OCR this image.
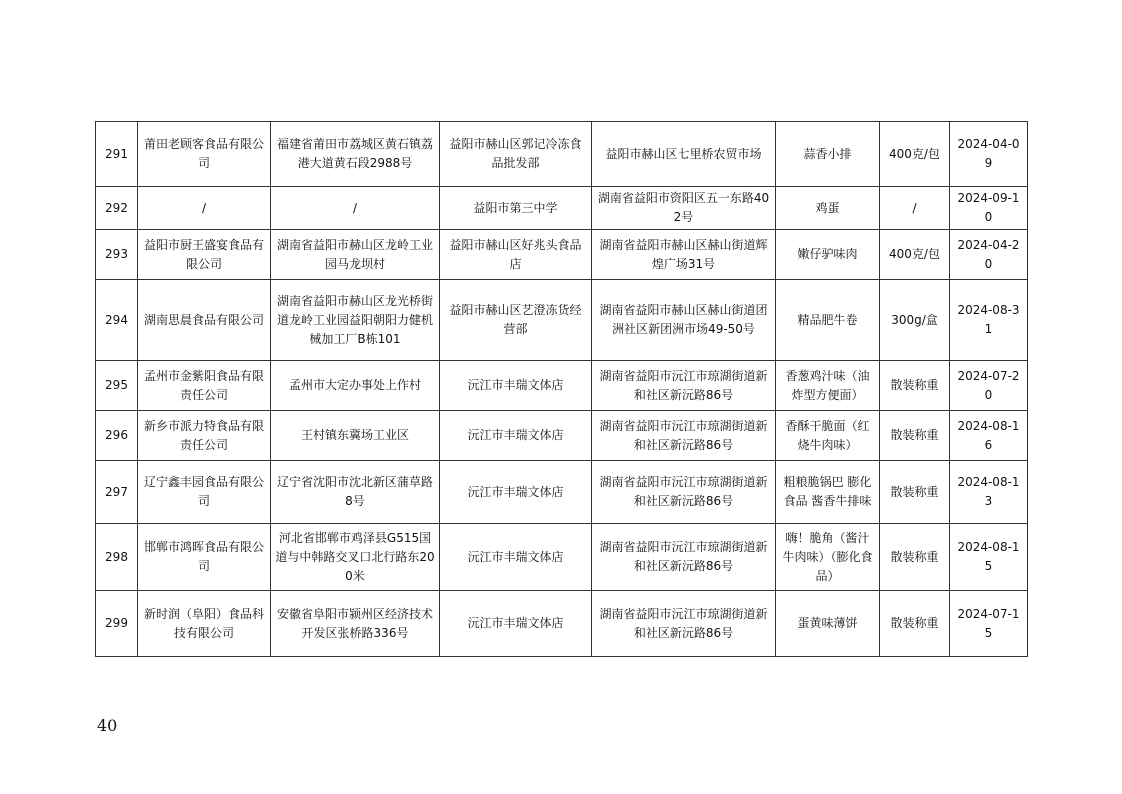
291	莆田老顾客食品有限公司	福建省莆田市荔城区黄石镇荔港大道黄石段2988号	益阳市赫山区郭记冷冻食品批发部	益阳市赫山区七里桥农贸市场	蒜香小排	400克/包	2024-04-09
292	/	/	益阳市第三中学	湖南省益阳市资阳区五一东路402号	鸡蛋	/	2024-09-10
293	益阳市厨王盛宴食品有限公司	湖南省益阳市赫山区龙岭工业园马龙坝村	益阳市赫山区好兆头食品店	湖南省益阳市赫山区赫山街道辉煌广场31号	嫩仔驴味肉	400克/包	2024-04-20
294	湖南思晨食品有限公司	湖南省益阳市赫山区龙光桥街道龙岭工业园益阳朝阳力健机械加工厂B栋101	益阳市赫山区艺澄冻货经营部	湖南省益阳市赫山区赫山街道团洲社区新团洲市场49-50号	精品肥牛卷	300g/盒	2024-08-31
295	孟州市金紫阳食品有限责任公司	孟州市大定办事处上作村	沅江市丰瑞文体店	湖南省益阳市沅江市琼湖街道新和社区新沅路86号	香葱鸡汁味（油炸型方便面）	散装称重	2024-07-20
296	新乡市派力特食品有限责任公司	王村镇东冀场工业区	沅江市丰瑞文体店	湖南省益阳市沅江市琼湖街道新和社区新沅路86号	香酥干脆面（红烧牛肉味）	散装称重	2024-08-16
297	辽宁鑫丰园食品有限公司	辽宁省沈阳市沈北新区蒲草路8号	沅江市丰瑞文体店	湖南省益阳市沅江市琼湖街道新和社区新沅路86号	粗粮脆锅巴 膨化食品 酱香牛排味	散装称重	2024-08-13
298	邯郸市鸿晖食品有限公司	河北省邯郸市鸡泽县G515国道与中韩路交叉口北行路东200米	沅江市丰瑞文体店	湖南省益阳市沅江市琼湖街道新和社区新沅路86号	嗨！脆角（酱汁牛肉味）（膨化食品）	散装称重	2024-08-15
299	新时润（阜阳）食品科技有限公司	安徽省阜阳市颍州区经济技术开发区张桥路336号	沅江市丰瑞文体店	湖南省益阳市沅江市琼湖街道新和社区新沅路86号	蛋黄味薄饼	散装称重	2024-07-15
40
